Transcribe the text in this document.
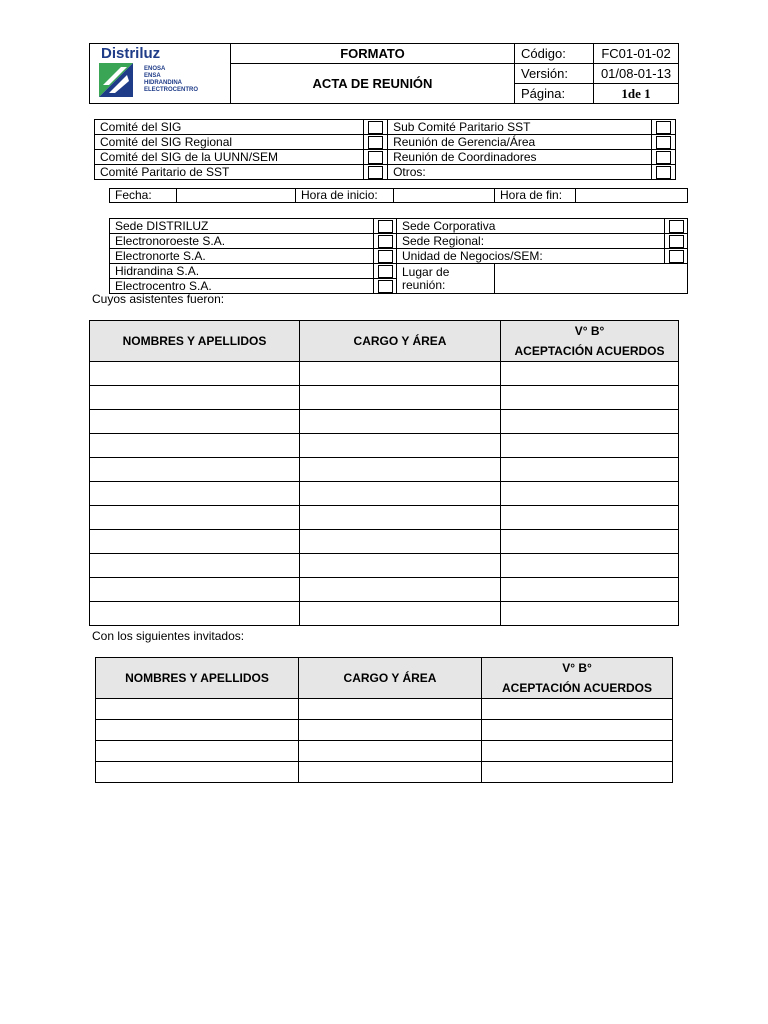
Distriluz
ENOSA
ENSA
HIDRANDINA
ELECTROCENTRO	FORMATO	Código:	FC01-01-02
	ACTA DE REUNIÓN	Versión:	01/08-01-13
		Página:	1de 1
Comité del SIG		Sub Comité Paritario SST	

Comité del SIG Regional		Reunión de Gerencia/Área	

Comité del SIG de la UUNN/SEM		Reunión de Coordinadores	

Comité Paritario de SST		Otros:	
Fecha:		Hora de inicio:		Hora de fin:	
Sede DISTRILUZ		Sede Corporativa		

Electronoroeste S.A.		Sede Regional:		

Electronorte S.A.		Unidad de Negocios/SEM:		

Hidrandina S.A.		Lugar de reunión:		
Electrocentro S.A.				
Cuyos asistentes fueron:
NOMBRES Y APELLIDOS	CARGO Y ÁREA	V° B°
ACEPTACIÓN ACUERDOS

Con los siguientes invitados:
NOMBRES Y APELLIDOS	CARGO Y ÁREA	V° B°
ACEPTACIÓN ACUERDOS
